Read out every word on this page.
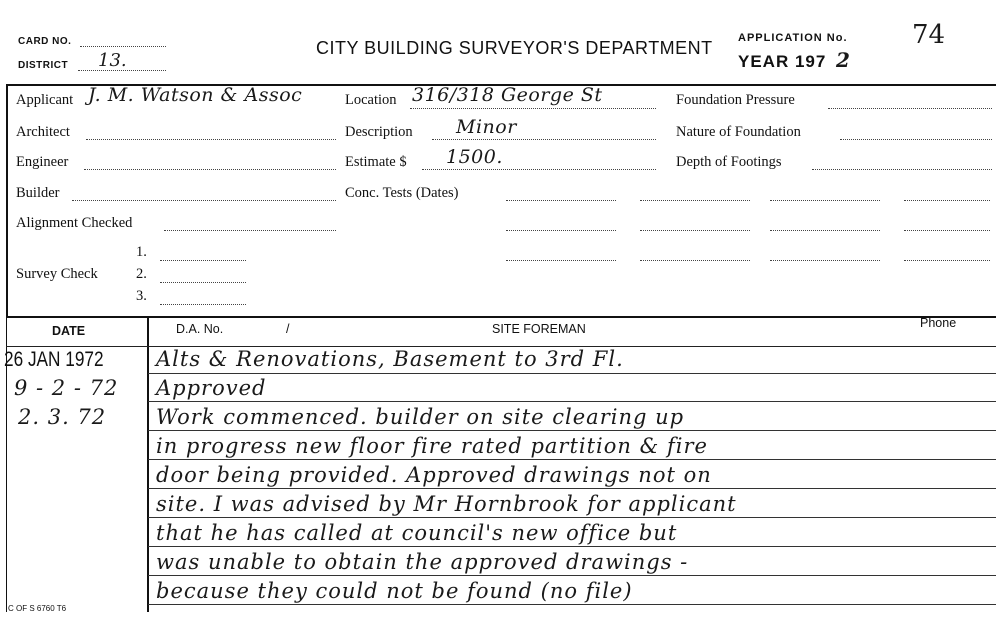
CARD NO.
DISTRICT 13.
CITY BUILDING SURVEYOR'S DEPARTMENT APPLICATION No. 74
YEAR 197 2
Applicant J. M. Watson & Assoc
Architect
Engineer
Builder
Alignment Checked
Survey Check
1.
2.
3.
Location 316/318 George St
Description Minor
Estimate $ 1500.
Conc. Tests (Dates)
Foundation Pressure
Nature of Foundation
Depth of Footings
DATE	D.A. No.	/	SITE FOREMAN	Phone
26 JAN 1972 Alts & Renovations, Basement to 3rd Fl.
9 - 2 - 72 Approved
2. 3. 72 Work commenced. builder on site clearing up
in progress new floor fire rated partition & fire
door being provided. Approved drawings not on
site. I was advised by Mr Hornbrook for applicant
that he has called at council's new office but
was unable to obtain the approved drawings -
because they could not be found (no file)
C OF S 6760 T6
